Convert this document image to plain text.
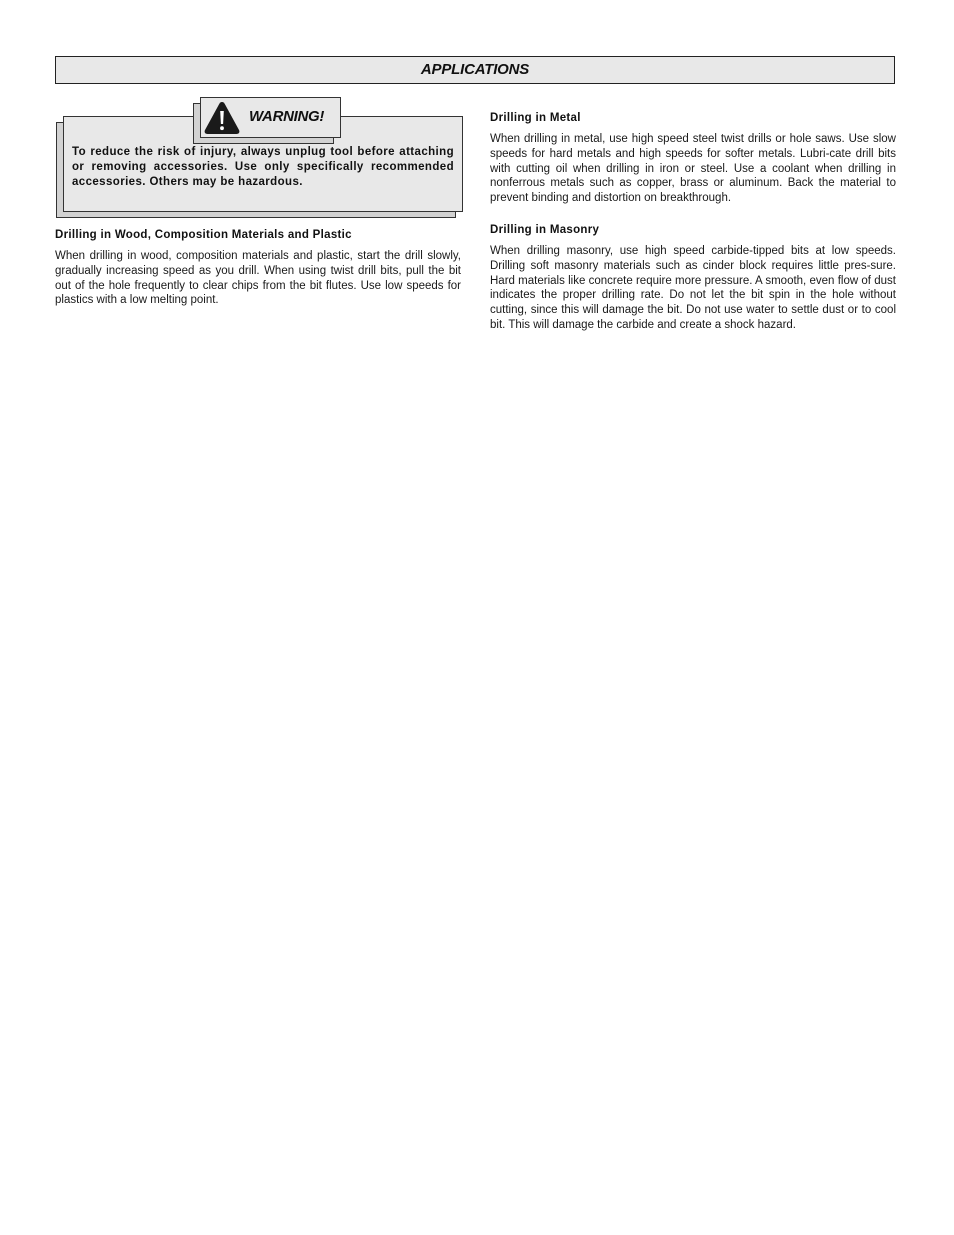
APPLICATIONS
WARNING!
To reduce the risk of injury, always unplug tool before attaching or removing accessories. Use only specifically recommended accessories. Others may be hazardous.
Drilling in Wood, Composition Materials and Plastic

When drilling in wood, composition materials and plastic, start the drill slowly, gradually increasing speed as you drill. When using twist drill bits, pull the bit out of the hole frequently to clear chips from the bit flutes. Use low speeds for plastics with a low melting point.

Drilling in Metal

When drilling in metal, use high speed steel twist drills or hole saws. Use slow speeds for hard metals and high speeds for softer metals. Lubri-cate drill bits with cutting oil when drilling in iron or steel. Use a coolant when drilling in nonferrous metals such as copper, brass or aluminum. Back the material to prevent binding and distortion on breakthrough.

Drilling in Masonry

When drilling masonry, use high speed carbide-tipped bits at low speeds. Drilling soft masonry materials such as cinder block requires little pres-sure. Hard materials like concrete require more pressure. A smooth, even flow of dust indicates the proper drilling rate. Do not let the bit spin in the hole without cutting, since this will damage the bit. Do not use water to settle dust or to cool bit. This will damage the carbide and create a shock hazard.
